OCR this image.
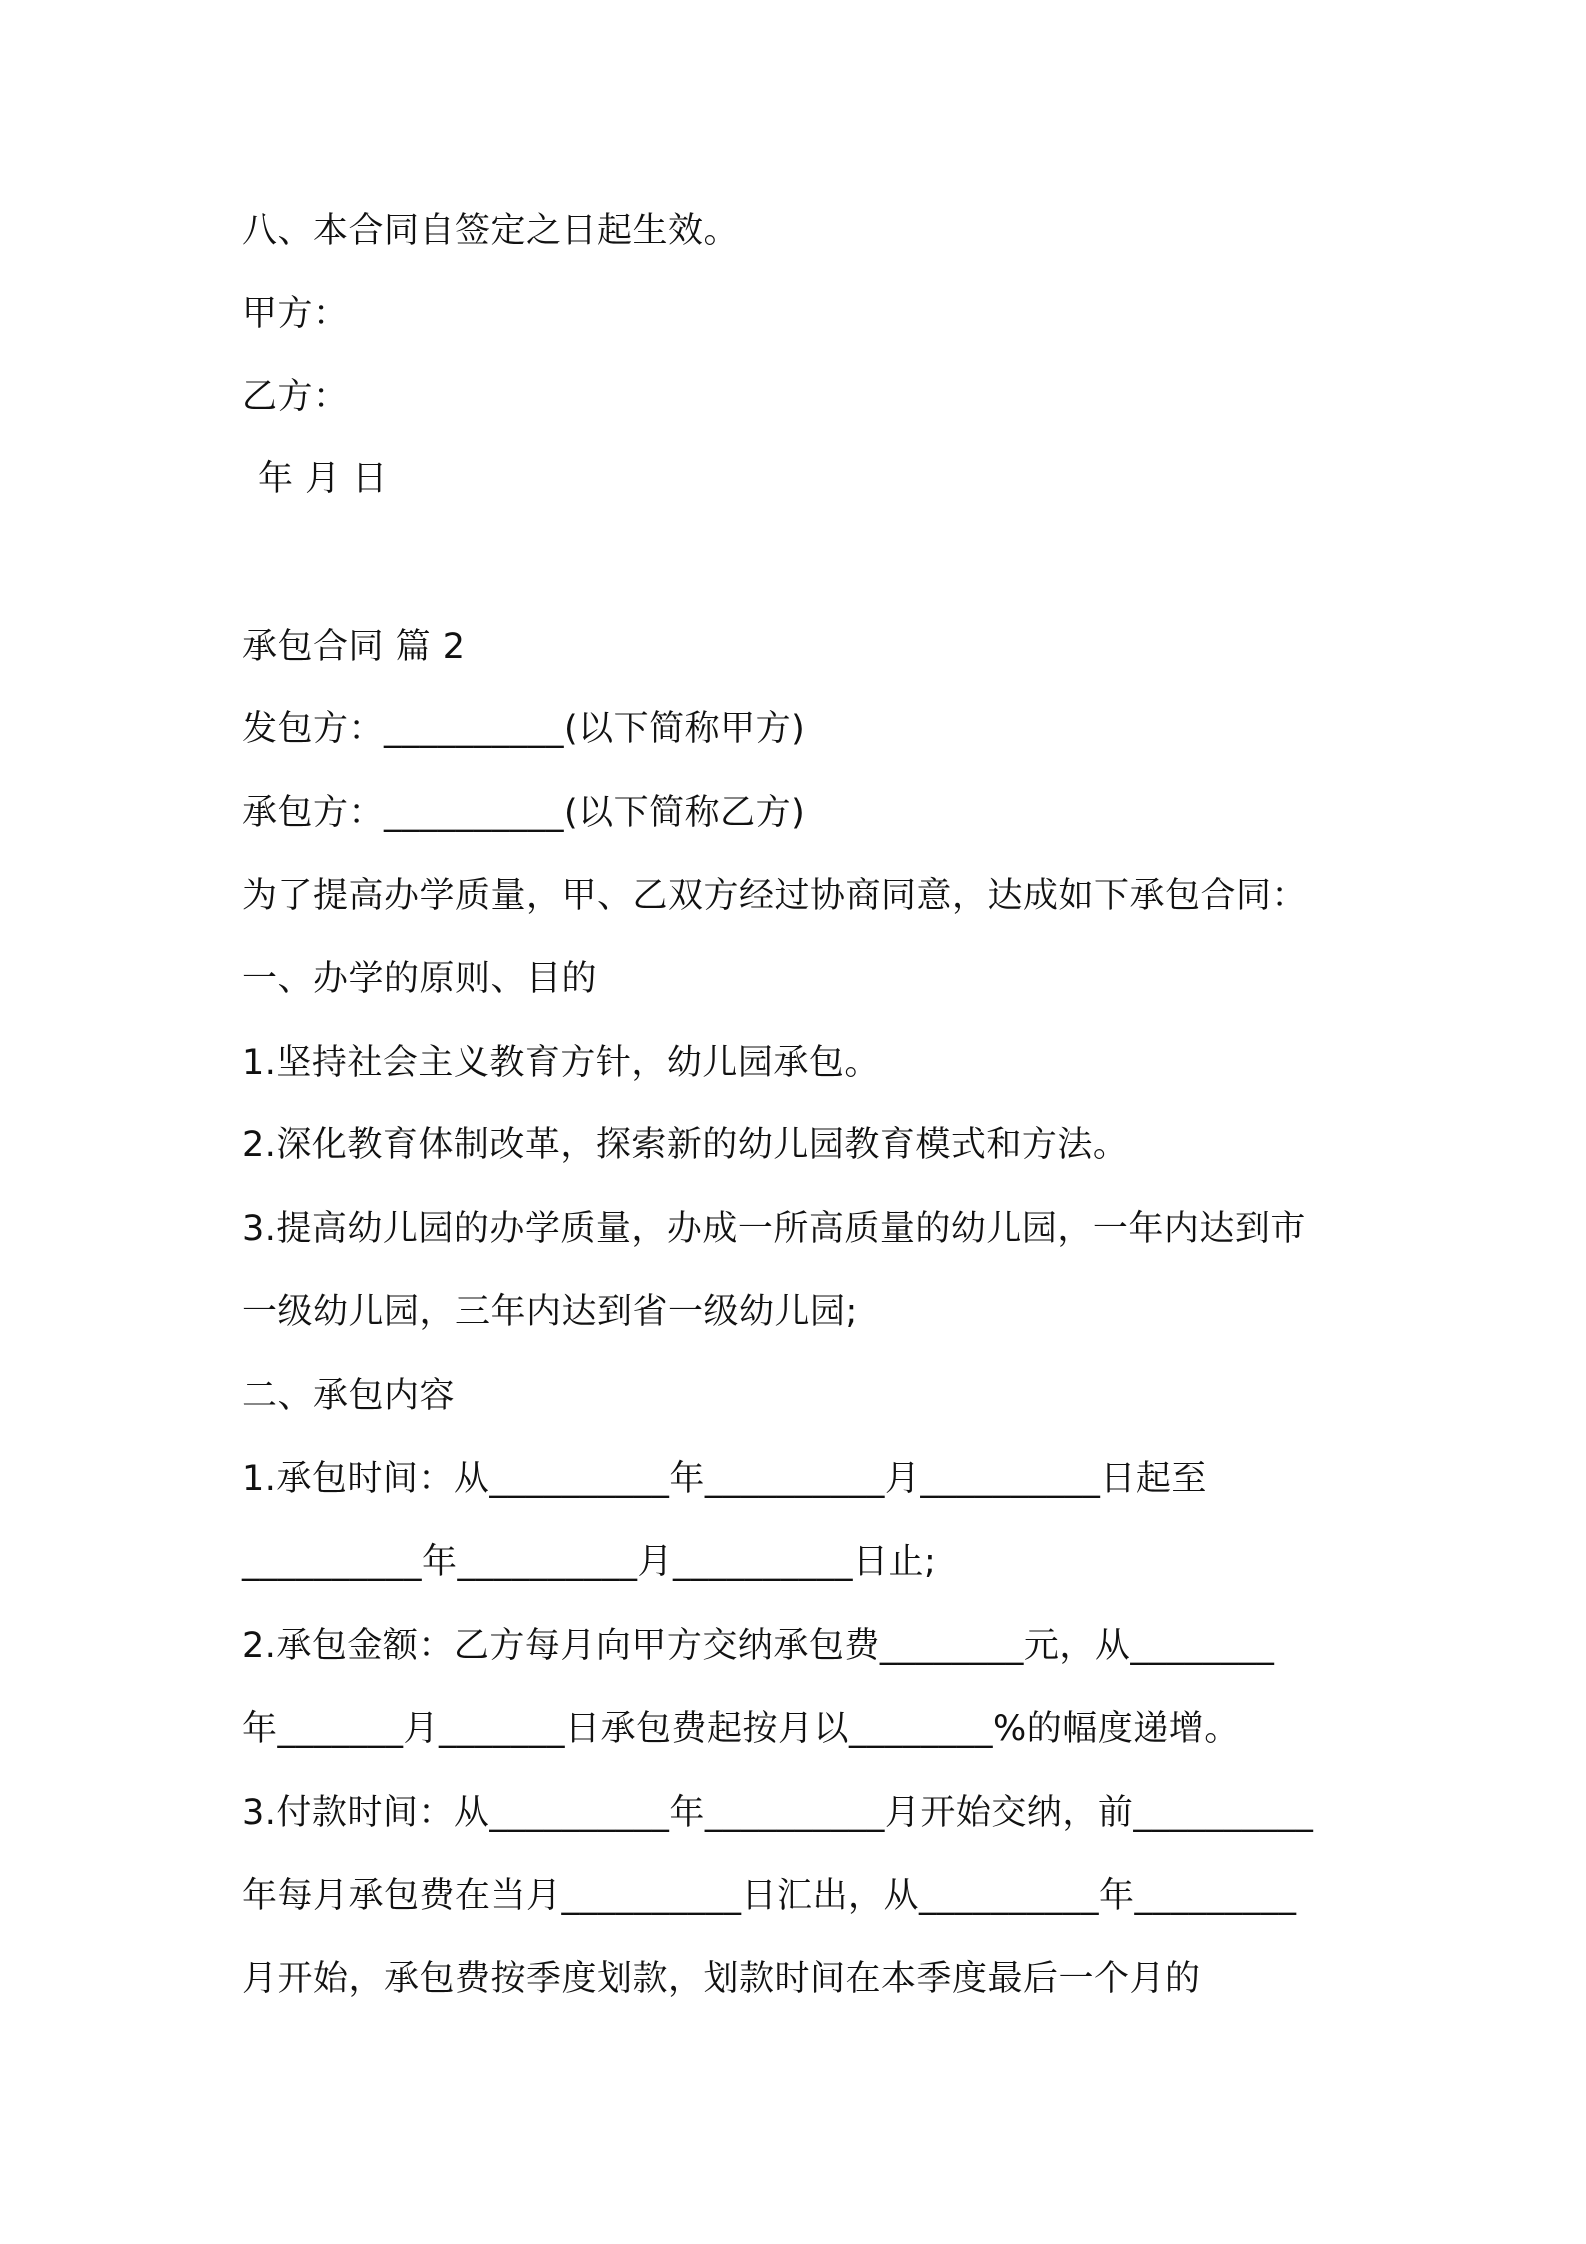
八、本合同自签定之日起生效。
甲方：
乙方：
年 月 日
承包合同 篇 2
发包方：__________(以下简称甲方)
承包方：__________(以下简称乙方)
为了提高办学质量，甲、乙双方经过协商同意，达成如下承包合同：
一、办学的原则、目的
1.坚持社会主义教育方针，幼儿园承包。
2.深化教育体制改革，探索新的幼儿园教育模式和方法。
3.提高幼儿园的办学质量，办成一所高质量的幼儿园，一年内达到市
一级幼儿园，三年内达到省一级幼儿园;
二、承包内容
1.承包时间：从__________年__________月__________日起至
__________年__________月__________日止;
2.承包金额：乙方每月向甲方交纳承包费________元，从________
年_______月_______日承包费起按月以________%的幅度递增。
3.付款时间：从__________年__________月开始交纳，前__________
年每月承包费在当月__________日汇出，从__________年_________
月开始，承包费按季度划款，划款时间在本季度最后一个月的
